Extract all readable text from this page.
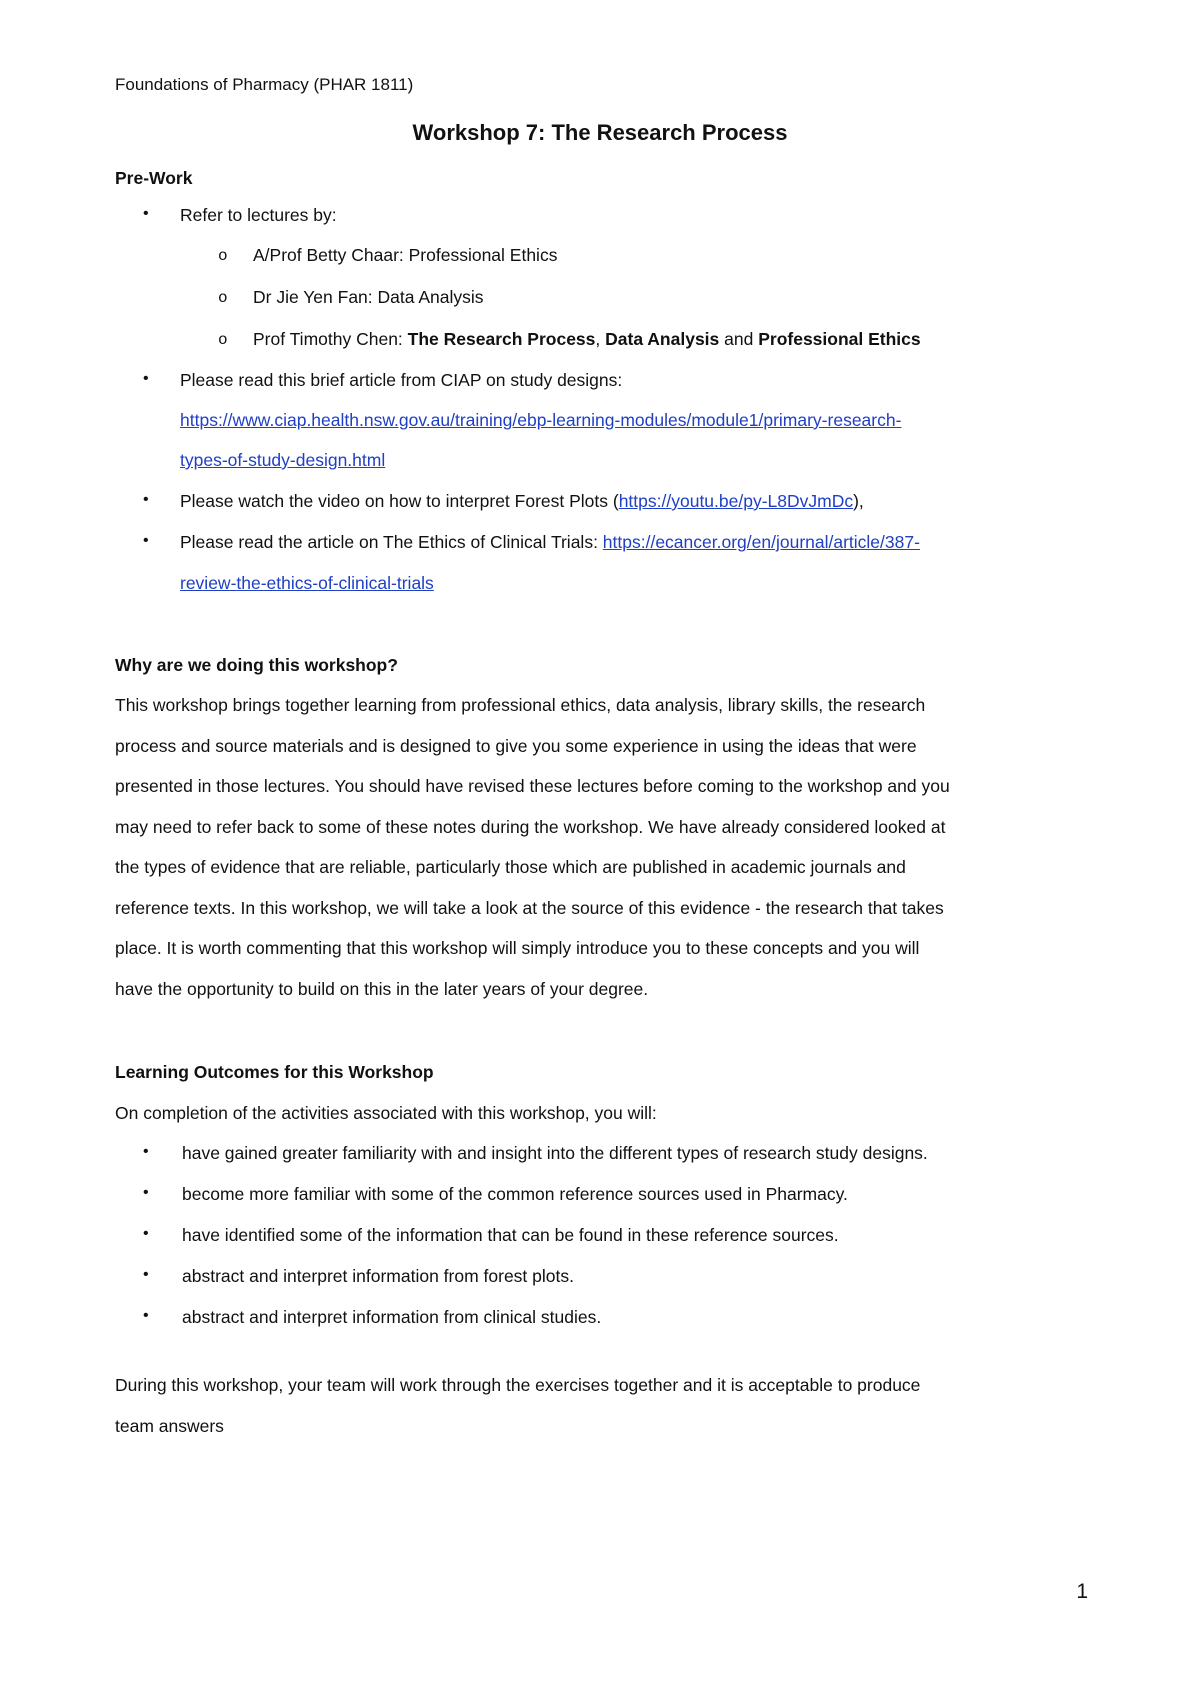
Foundations of Pharmacy (PHAR 1811)
Workshop 7: The Research Process
Pre-Work
• Refer to lectures by:
o A/Prof Betty Chaar: Professional Ethics
o Dr Jie Yen Fan: Data Analysis
o Prof Timothy Chen: The Research Process, Data Analysis and Professional Ethics
• Please read this brief article from CIAP on study designs:
https://www.ciap.health.nsw.gov.au/training/ebp-learning-modules/module1/primary-research-
types-of-study-design.html
• Please watch the video on how to interpret Forest Plots (https://youtu.be/py-L8DvJmDc),
• Please read the article on The Ethics of Clinical Trials: https://ecancer.org/en/journal/article/387-
review-the-ethics-of-clinical-trials
Why are we doing this workshop?

This workshop brings together learning from professional ethics, data analysis, library skills, the research

process and source materials and is designed to give you some experience in using the ideas that were

presented in those lectures. You should have revised these lectures before coming to the workshop and you

may need to refer back to some of these notes during the workshop. We have already considered looked at

the types of evidence that are reliable, particularly those which are published in academic journals and

reference texts. In this workshop, we will take a look at the source of this evidence - the research that takes

place. It is worth commenting that this workshop will simply introduce you to these concepts and you will

have the opportunity to build on this in the later years of your degree.

Learning Outcomes for this Workshop
On completion of the activities associated with this workshop, you will:
• have gained greater familiarity with and insight into the different types of research study designs.
• become more familiar with some of the common reference sources used in Pharmacy.
• have identified some of the information that can be found in these reference sources.
• abstract and interpret information from forest plots.
• abstract and interpret information from clinical studies.
During this workshop, your team will work through the exercises together and it is acceptable to produce
team answers
1
